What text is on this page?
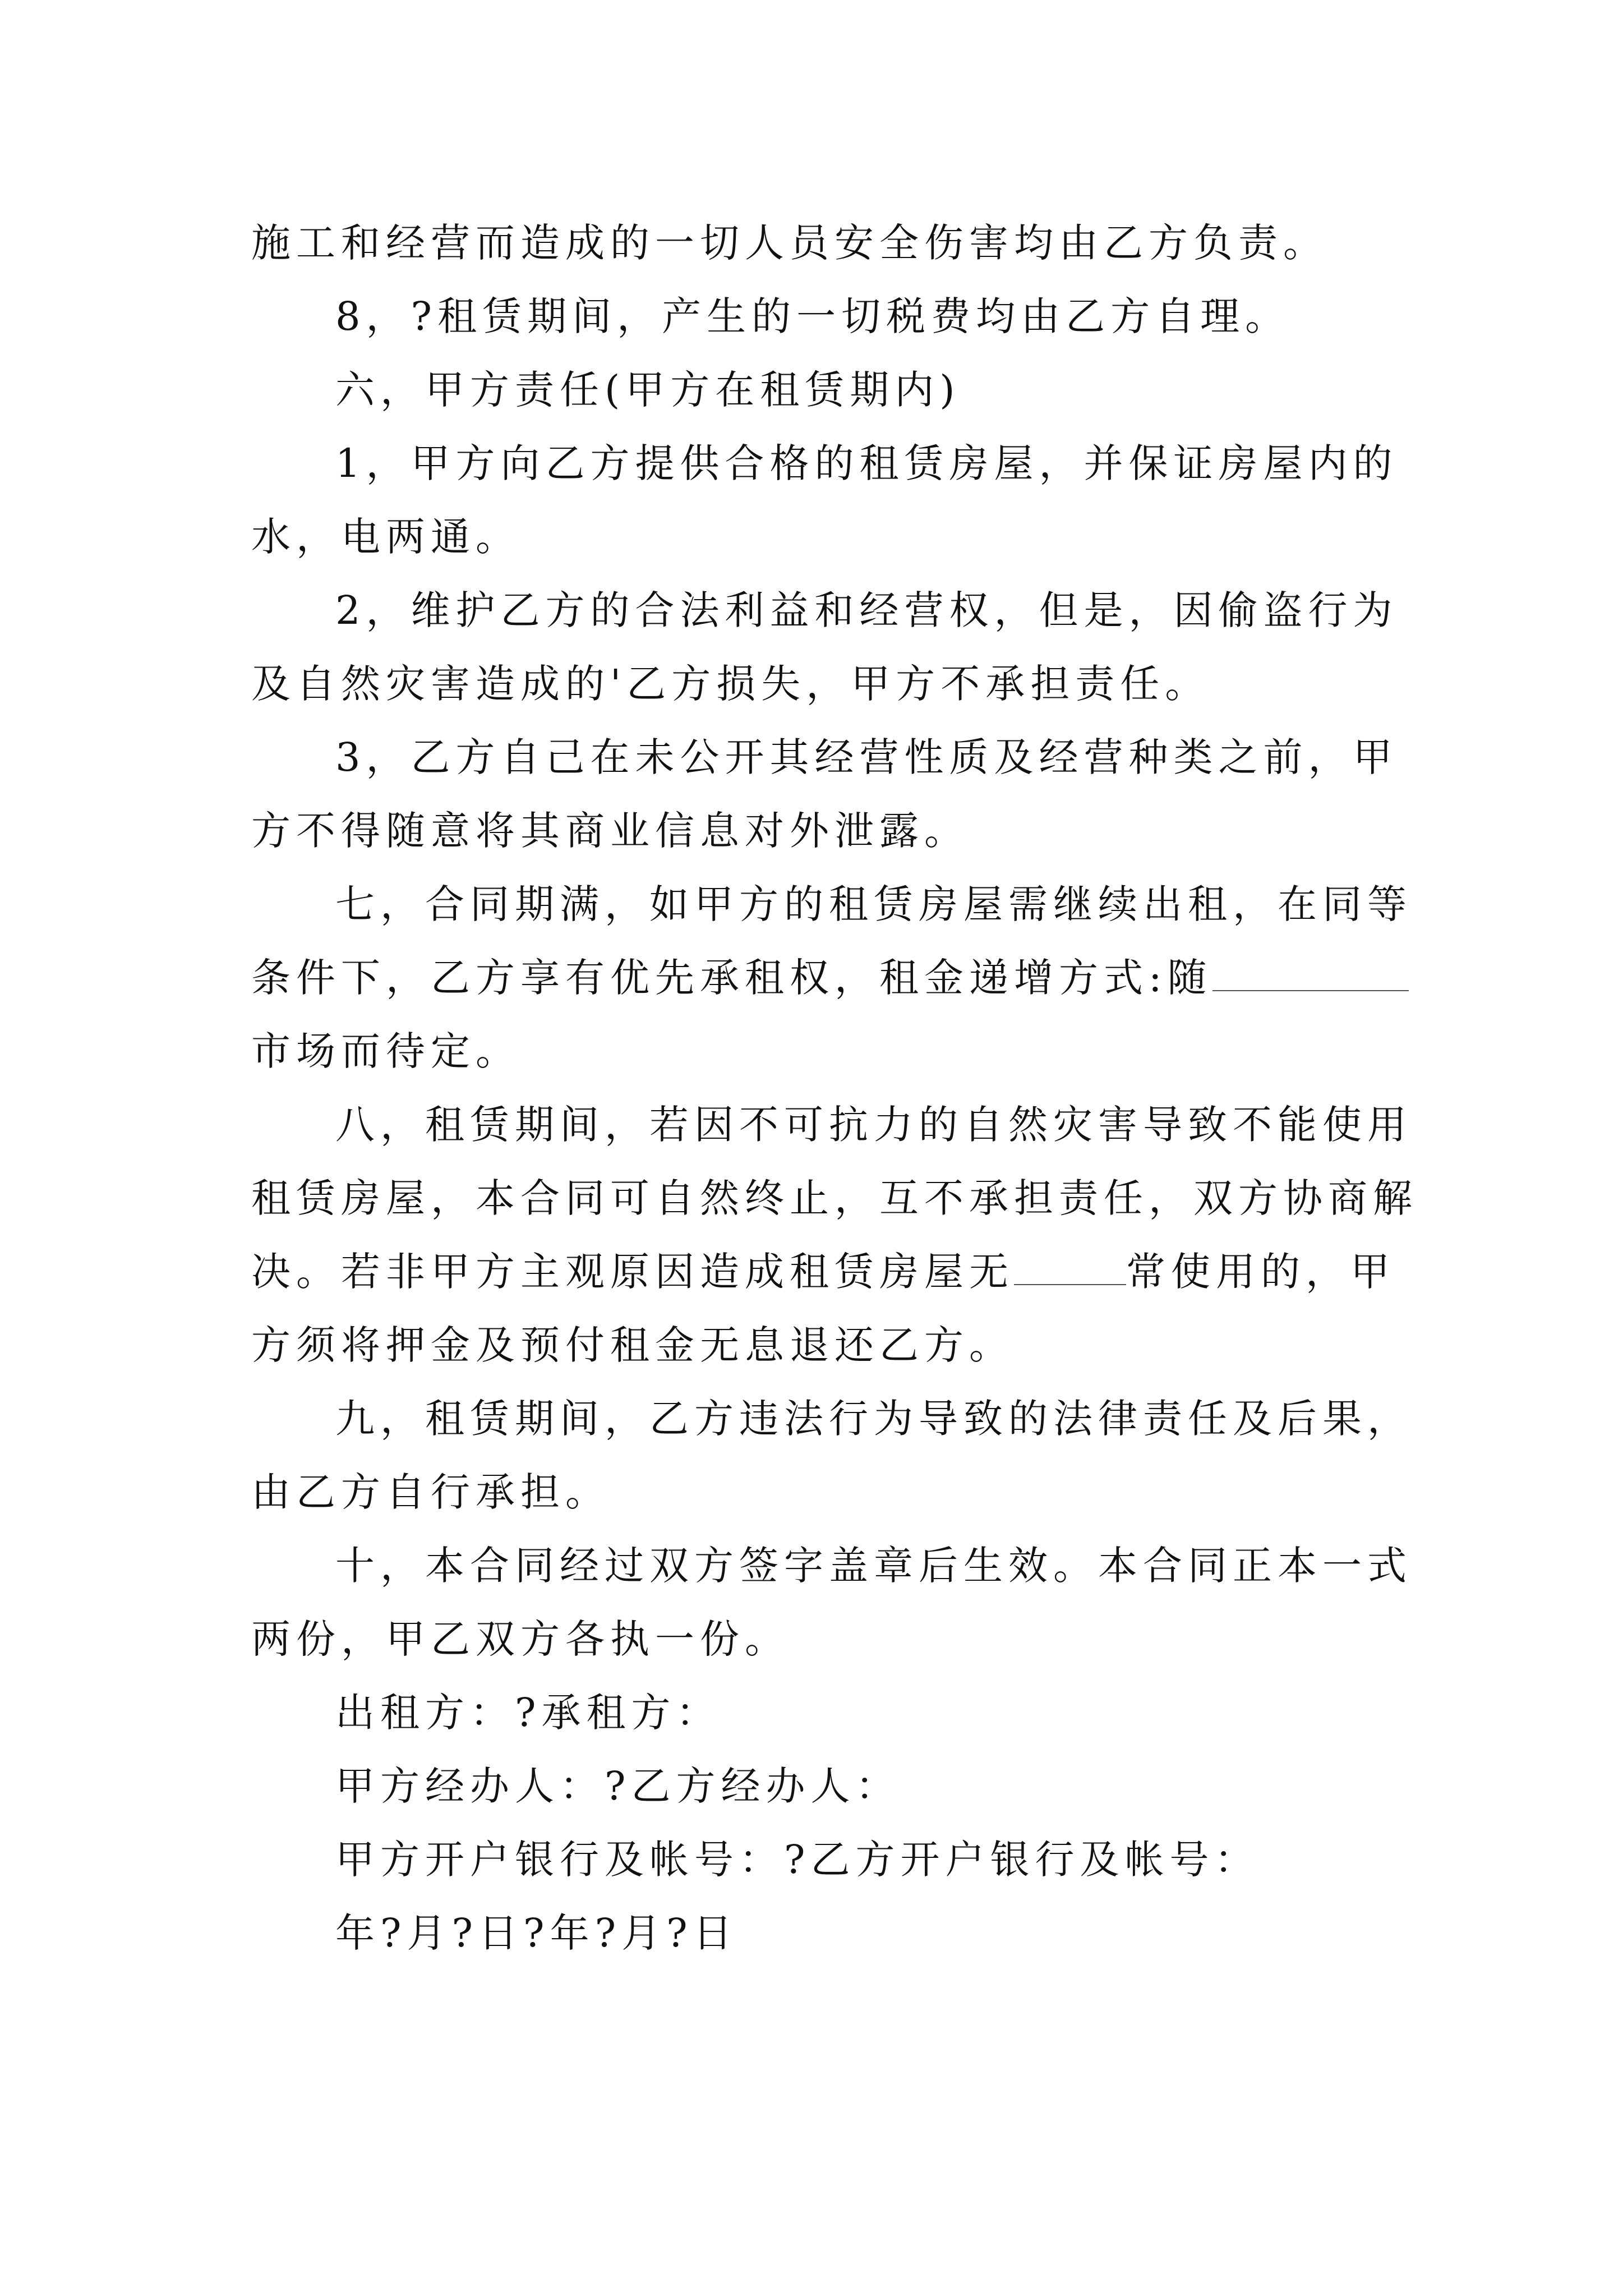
施工和经营而造成的一切人员安全伤害均由乙方负责。
8，?租赁期间，产生的一切税费均由乙方自理。
六，甲方责任(甲方在租赁期内)
1，甲方向乙方提供合格的租赁房屋，并保证房屋内的
水，电两通。
2，维护乙方的合法利益和经营权，但是，因偷盗行为
及自然灾害造成的'乙方损失，甲方不承担责任。
3，乙方自己在未公开其经营性质及经营种类之前，甲
方不得随意将其商业信息对外泄露。
七，合同期满，如甲方的租赁房屋需继续出租，在同等
条件下，乙方享有优先承租权，租金递增方式:随
市场而待定。
八，租赁期间，若因不可抗力的自然灾害导致不能使用
租赁房屋，本合同可自然终止，互不承担责任，双方协商解
决。若非甲方主观原因造成租赁房屋无	常使用的，甲
方须将押金及预付租金无息退还乙方。
九，租赁期间，乙方违法行为导致的法律责任及后果，
由乙方自行承担。
十，本合同经过双方签字盖章后生效。本合同正本一式
两份，甲乙双方各执一份。
出租方：?承租方：
甲方经办人：?乙方经办人：
甲方开户银行及帐号：?乙方开户银行及帐号：
年?月?日?年?月?日
